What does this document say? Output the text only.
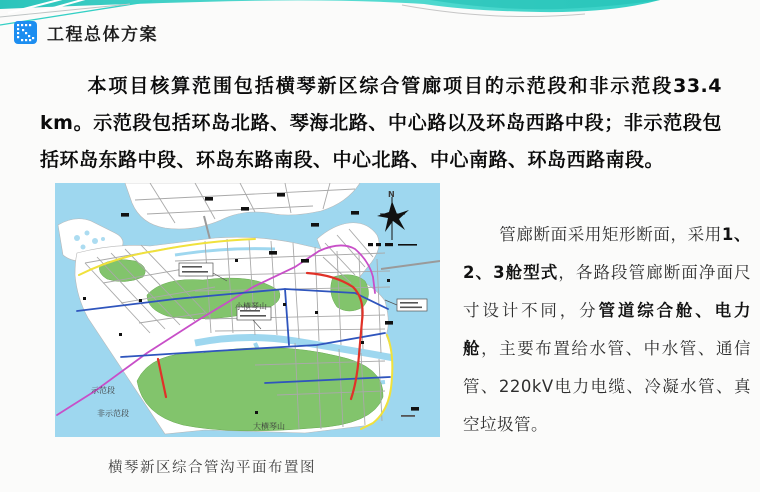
工程总体方案
本项目核算范围包括横琴新区综合管廊项目的示范段和非示范段33.4 km。示范段包括环岛北路、琴海北路、中心路以及环岛西路中段；非示范段包括环岛东路中段、环岛东路南段、中心北路、中心南路、环岛西路南段。
N
示范段
非示范段
大横琴山
小横琴山
横琴新区综合管沟平面布置图
管廊断面采用矩形断面，采用1、2、3舱型式，各路段管廊断面净面尺寸设计不同，分管道综合舱、电力舱，主要布置给水管、中水管、通信管、220kV电力电缆、冷凝水管、真空垃圾管。
